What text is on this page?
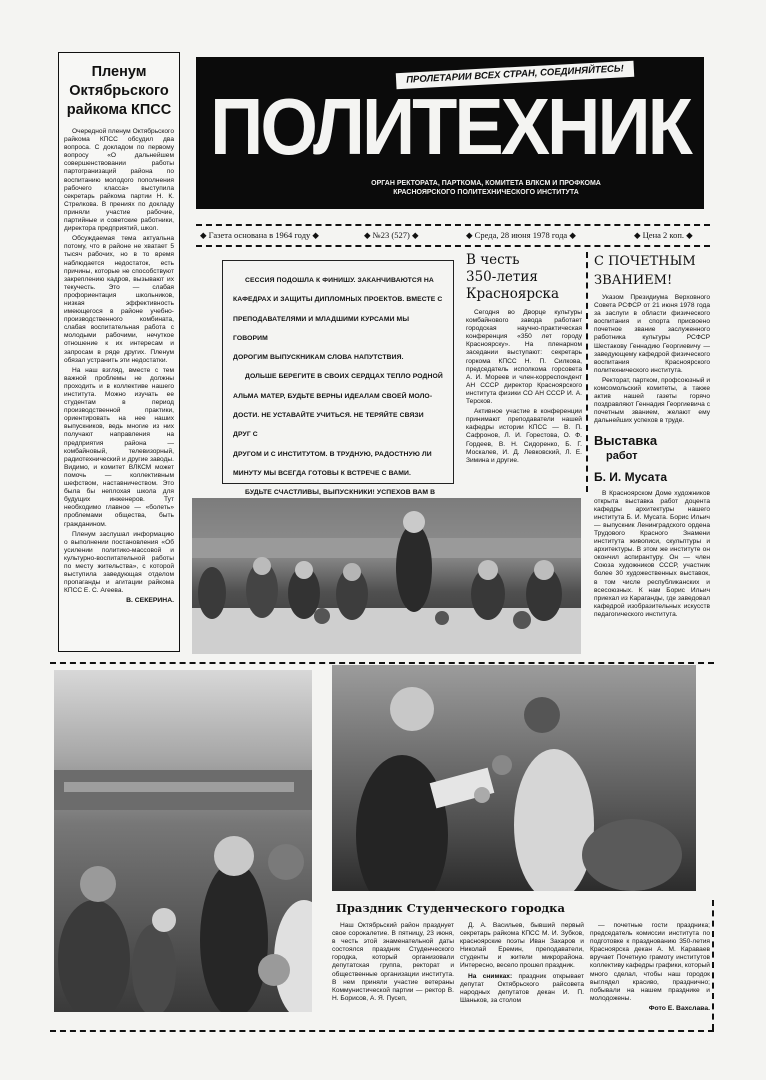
Пленум
Октябрьского
райкома КПСС

Очередной пленум Октябрьского райкома КПСС обсудил два вопроса. С докладом по первому вопросу «О дальнейшем совершенствовании работы партогранизаций района по воспитанию молодого пополнения рабочего класса» выступила секретарь райкома партии Н. К. Стрелкова. В прениях по докладу приняли участие рабочие, партийные и советские работники, директора предприятий, школ.

Обсуждаемая тема актуальна потому, что в районе не хватает 5 тысяч рабочих, но в то время наблюдается недостаток, есть причины, которые не способствуют закреплению кадров, вызывают их текучесть. Это — слабая профориентация школьников, низкая эффективность имеющегося в районе учебно-производственного комбината, слабая воспитательная работа с молодыми рабочими, нечуткое отношение к их интересам и запросам в ряде других. Пленум обязал устранить эти недостатки.

На наш взгляд, вместе с тем важной проблемы не должны проходить и в коллективе нашего института. Можно изучать ее студентам в период производственной практики, ориентировать на нее наших выпускников, ведь многие из них получают направления на предприятия района — комбайновый, телевизорный, радиотехнический и другие заводы. Видимо, и комитет ВЛКСМ может помочь — коллективным шефством, наставничеством. Это была бы неплохая школа для будущих инженеров. Тут необходимо главное — «болеть» проблемами общества, быть гражданином.

Пленум заслушал информацию о выполнении постановления «Об усилении политико-массовой и культурно-воспитательной работы по месту жительства», с которой выступила заведующая отделом пропаганды и агитации райкома КПСС Е. С. Агеева.

В. СЕКЕРИНА.
ПРОЛЕТАРИИ ВСЕХ СТРАН, СОЕДИНЯЙТЕСЬ!
ПОЛИТЕХНИК
ОРГАН РЕКТОРАТА, ПАРТКОМА, КОМИТЕТА ВЛКСМ И ПРОФКОМА
КРАСНОЯРСКОГО ПОЛИТЕХНИЧЕСКОГО ИНСТИТУТА
◆ Газета основана в 1964 году ◆	◆ №23 (527) ◆	◆ Среда, 28 июня 1978 года ◆	◆ Цена 2 коп. ◆
СЕССИЯ ПОДОШЛА К ФИНИШУ. ЗАКАНЧИВАЮТСЯ НА
КАФЕДРАХ И ЗАЩИТЫ ДИПЛОМНЫХ ПРОЕКТОВ. ВМЕСТЕ С
ПРЕПОДАВАТЕЛЯМИ И МЛАДШИМИ КУРСАМИ МЫ ГОВОРИМ
ДОРОГИМ ВЫПУСКНИКАМ СЛОВА НАПУТСТВИЯ.
ДОЛЬШЕ БЕРЕГИТЕ В СВОИХ СЕРДЦАХ ТЕПЛО РОДНОЙ
АЛЬМА МАТЕР, БУДЬТЕ ВЕРНЫ ИДЕАЛАМ СВОЕЙ МОЛО-
ДОСТИ. НЕ УСТАВАЙТЕ УЧИТЬСЯ. НЕ ТЕРЯЙТЕ СВЯЗИ ДРУГ С
ДРУГОМ И С ИНСТИТУТОМ. В ТРУДНУЮ, РАДОСТНУЮ ЛИ
МИНУТУ МЫ ВСЕГДА ГОТОВЫ К ВСТРЕЧЕ С ВАМИ.
БУДЬТЕ СЧАСТЛИВЫ, ВЫПУСКНИКИ! УСПЕХОВ ВАМ В
В честь
350-летия
Красноярска

Сегодня во Дворце культуры комбайнового завода работает городская научно-практическая конференция «350 лет городу Красноярску». На пленарном заседании выступают: секретарь горкома КПСС Н. П. Силкова, председатель исполкома горсовета А. И. Мореев и член-корреспондент АН СССР директор Красноярского института физики СО АН СССР И. А. Терсков.

Активное участие в конференции принимают преподаватели нашей кафедры истории КПСС — В. П. Сафронов, Л. И. Горестова, О. Ф. Гордеев, В. Н. Сидоренко, Б. Г. Москалев, И. Д. Левковский, Л. Е. Зимина и другие.

С ПОЧЕТНЫМ
ЗВАНИЕМ!

Указом Президиума Верховного Совета РСФСР от 21 июня 1978 года за заслуги в области физического воспитания и спорта присвоено почетное звание заслуженного работника культуры РСФСР Шестакову Геннадию Георгиевичу — заведующему кафедрой физического воспитания Красноярского политехнического института.

Ректорат, партком, профсоюзный и комсомольский комитеты, а также актив нашей газеты горячо поздравляют Геннадия Георгиевича с почетным званием, желают ему дальнейших успехов в труде.

Выставка
работ
Б. И. Мусата

В Красноярском Доме художников открыта выставка работ доцента кафедры архитектуры нашего института Б. И. Мусата. Борис Ильич — выпускник Ленинградского ордена Трудового Красного Знамени института живописи, скульптуры и архитектуры. В этом же институте он окончил аспирантуру. Он — член Союза художников СССР, участник более 30 художественных выставок, в том числе республиканских и всесоюзных. К нам Борис Ильич приехал из Караганды, где заведовал кафедрой изобразительных искусств педагогического института.

Праздник Студенческого городка

Наш Октябрьский район празднует свое сорокалетие. В пятницу, 23 июня, в честь этой знаменательной даты состоялся праздник Студенческого городка, который организовали депутатская группа, ректорат и общественные организации института. В нем приняли участие ветераны Коммунистической партии — ректор В. Н. Борисов, А. Я. Пусеп,

Д. А. Васильев, бывший первый секретарь райкома КПСС М. И. Зубков, красноярские поэты Иван Захаров и Николай Еремин, преподаватели, студенты и жители микрорайона. Интересно, весело прошел праздник.

На снимках: праздник открывает депутат Октябрьского райсовета народных депутатов декан И. П. Шаньков, за столом

— почетные гости праздника; председатель комиссии института по подготовке к празднованию 350-летия Красноярска декан А. М. Караваев вручает Почетную грамоту институтов коллективу кафедры графики, который много сделал, чтобы наш городок выглядел красиво, празднично; побывали на нашем празднике и молодожены.

Фото Е. Вахслава.
